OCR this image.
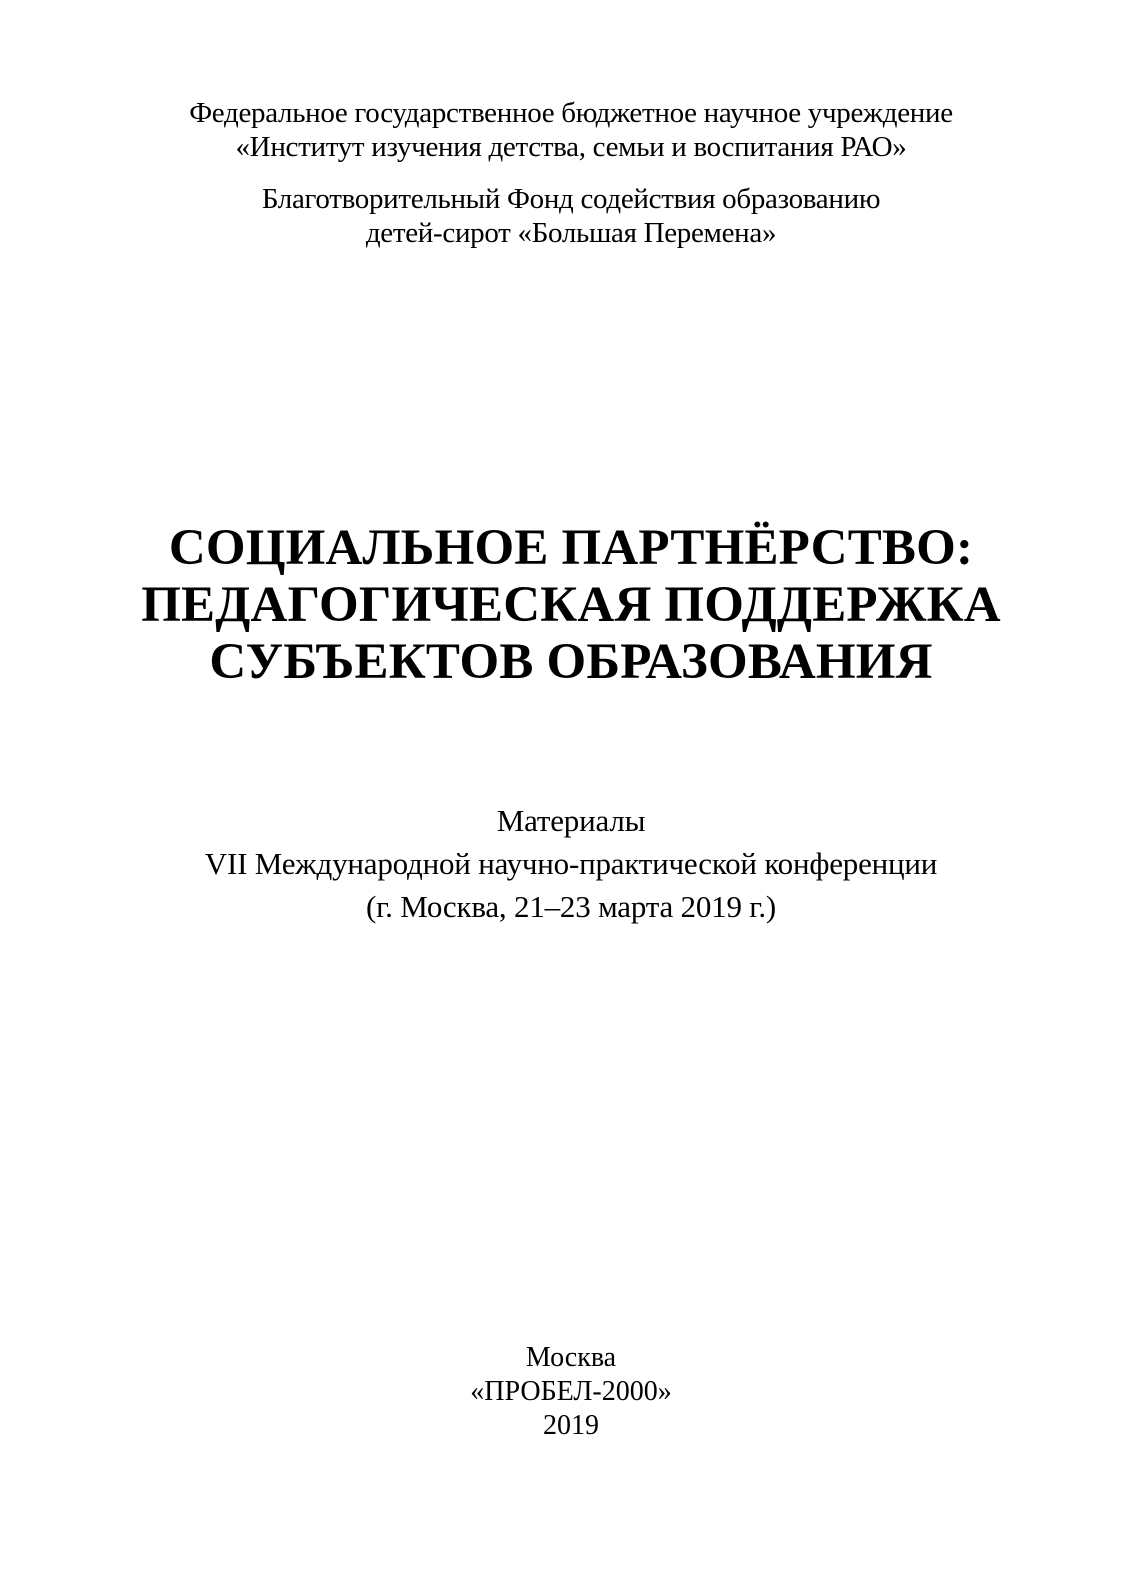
Федеральное государственное бюджетное научное учреждение
«Институт изучения детства, семьи и воспитания РАО»
Благотворительный Фонд содействия образованию
детей-сирот «Большая Перемена»
СОЦИАЛЬНОЕ ПАРТНЁРСТВО:
ПЕДАГОГИЧЕСКАЯ ПОДДЕРЖКА
СУБЪЕКТОВ ОБРАЗОВАНИЯ
Материалы
VII Международной научно-практической конференции
(г. Москва, 21–23 марта 2019 г.)
Москва
«ПРОБЕЛ-2000»
2019
